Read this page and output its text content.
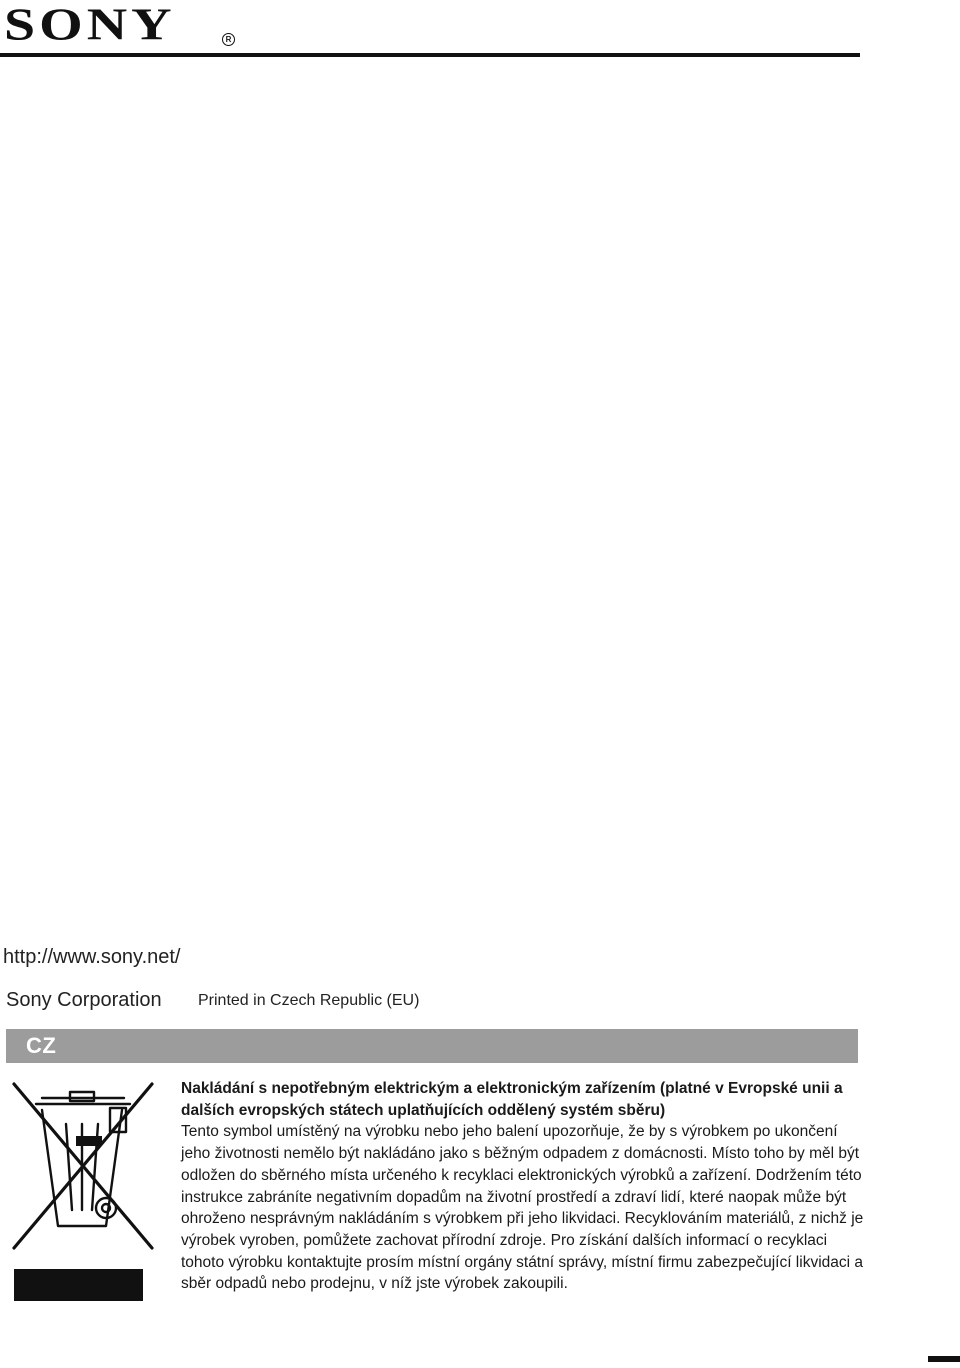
SONY	R
http://www.sony.net/
Sony Corporation Printed in Czech Republic (EU)
CZ

Nakládání s nepotřebným elektrickým a elektronickým zařízením (platné v Evropské unii a dalších evropských státech uplatňujících oddělený systém sběru)

Tento symbol umístěný na výrobku nebo jeho balení upozorňuje, že by s výrobkem po ukončení jeho životnosti nemělo být nakládáno jako s běžným odpadem z domácnosti. Místo toho by měl být odložen do sběrného místa určeného k recyklaci elektronických výrobků a zařízení. Dodržením této instrukce zabráníte negativním dopadům na životní prostředí a zdraví lidí, které naopak může být ohroženo nesprávným nakládáním s výrobkem při jeho likvidaci. Recyklováním materiálů, z nichž je výrobek vyroben, pomůžete zachovat přírodní zdroje. Pro získání dalších informací o recyklaci tohoto výrobku kontaktujte prosím místní orgány státní správy, místní firmu zabezpečující likvidaci a sběr odpadů nebo prodejnu, v níž jste výrobek zakoupili.
